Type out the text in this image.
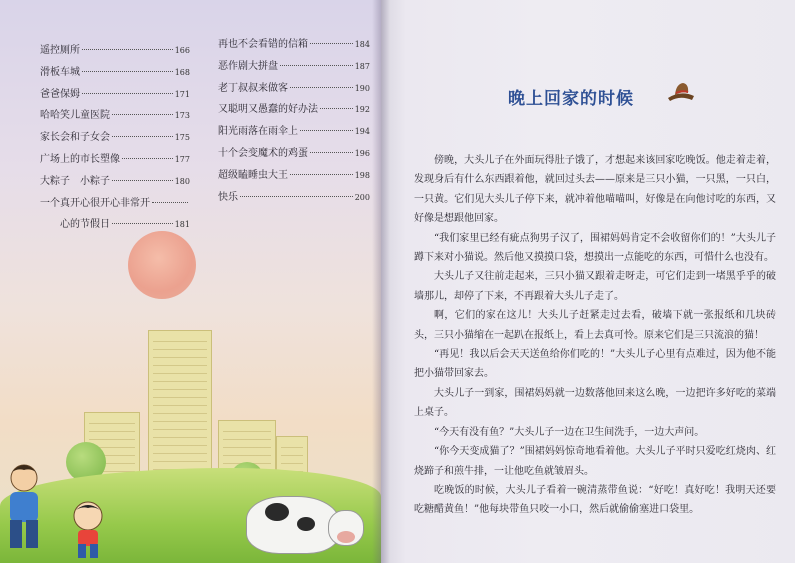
遥控厕所	166
滑板车城	168
爸爸保姆	171
哈哈笑儿童医院	173
家长会和子女会	175
广场上的市长塑像	177
大粽子　小粽子	180
一个真开心很开心非常开
心的节假日	181
再也不会看错的信箱	184
恶作剧大拼盘	187
老丁叔叔来做客	190
又聪明又愚蠢的好办法	192
阳光雨落在雨伞上	194
十个会变魔术的鸡蛋	196
超级瞌睡虫大王	198
快乐	200
晚上回家的时候

傍晚，大头儿子在外面玩得肚子饿了，才想起来该回家吃晚饭。他走着走着，发现身后有什么东西跟着他，就回过头去——原来是三只小猫，一只黑，一只白，一只黄。它们见大头儿子停下来，就冲着他喵喵叫，好像是在向他讨吃的东西，又好像是想跟他回家。

“我们家里已经有疵点狗男子汉了，围裙妈妈肯定不会收留你们的！”大头儿子蹲下来对小猫说。然后他又摸摸口袋，想摸出一点能吃的东西，可惜什么也没有。

大头儿子又往前走起来，三只小猫又跟着走呀走，可它们走到一堵黑乎乎的破墙那儿，却停了下来，不再跟着大头儿子走了。

啊，它们的家在这儿！大头儿子赶紧走过去看，破墙下就一张报纸和几块砖头，三只小猫缩在一起趴在报纸上，看上去真可怜。原来它们是三只流浪的猫！

“再见！我以后会天天送鱼给你们吃的！”大头儿子心里有点难过，因为他不能把小猫带回家去。

大头儿子一到家，围裙妈妈就一边数落他回来这么晚，一边把许多好吃的菜端上桌子。

“今天有没有鱼？”大头儿子一边在卫生间洗手，一边大声问。

“你今天变成猫了？”围裙妈妈惊奇地看着他。大头儿子平时只爱吃红烧肉、红烧蹄子和煎牛排，一让他吃鱼就皱眉头。

吃晚饭的时候，大头儿子看着一碗清蒸带鱼说：“好吃！真好吃！我明天还要吃糖醋黄鱼！”他每块带鱼只咬一小口，然后就偷偷塞进口袋里。
